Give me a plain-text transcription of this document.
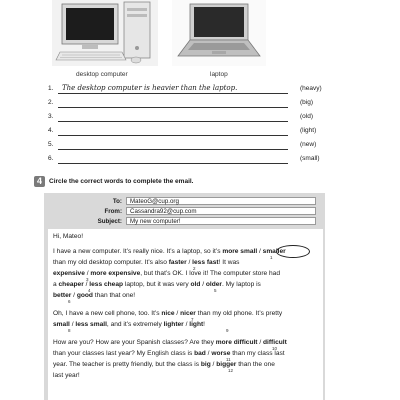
desktop computer	laptop
1. The desktop computer is heavier than the laptop.	(heavy)
2.	(big)
3.	(old)
4.	(light)
5.	(new)
6.	(small)
4	Circle the correct words to complete the email.
To:	MateoG@cup.org
From:	Cassandra92@cup.com
Subject:	My new computer!
Hi, Mateo!
I have a new computer. It’s really nice. It’s a laptop, so it’s more small / smaller
1
than my old desktop computer. It’s also faster / less fast! It was
2
expensive / more expensive, but that’s OK. I love it! The computer store had
3
a cheaper / less cheap laptop, but it was very old / older. My laptop is
4	5
better / good than that one!
6
Oh, I have a new cell phone, too. It’s nice / nicer than my old phone. It’s pretty
7
small / less small, and it’s extremely lighter / light!
8	9
How are you? How are your Spanish classes? Are they more difficult / difficult
10
than your classes last year? My English class is bad / worse than my class last
11
year. The teacher is pretty friendly, but the class is big / bigger than the one
12
last year!
